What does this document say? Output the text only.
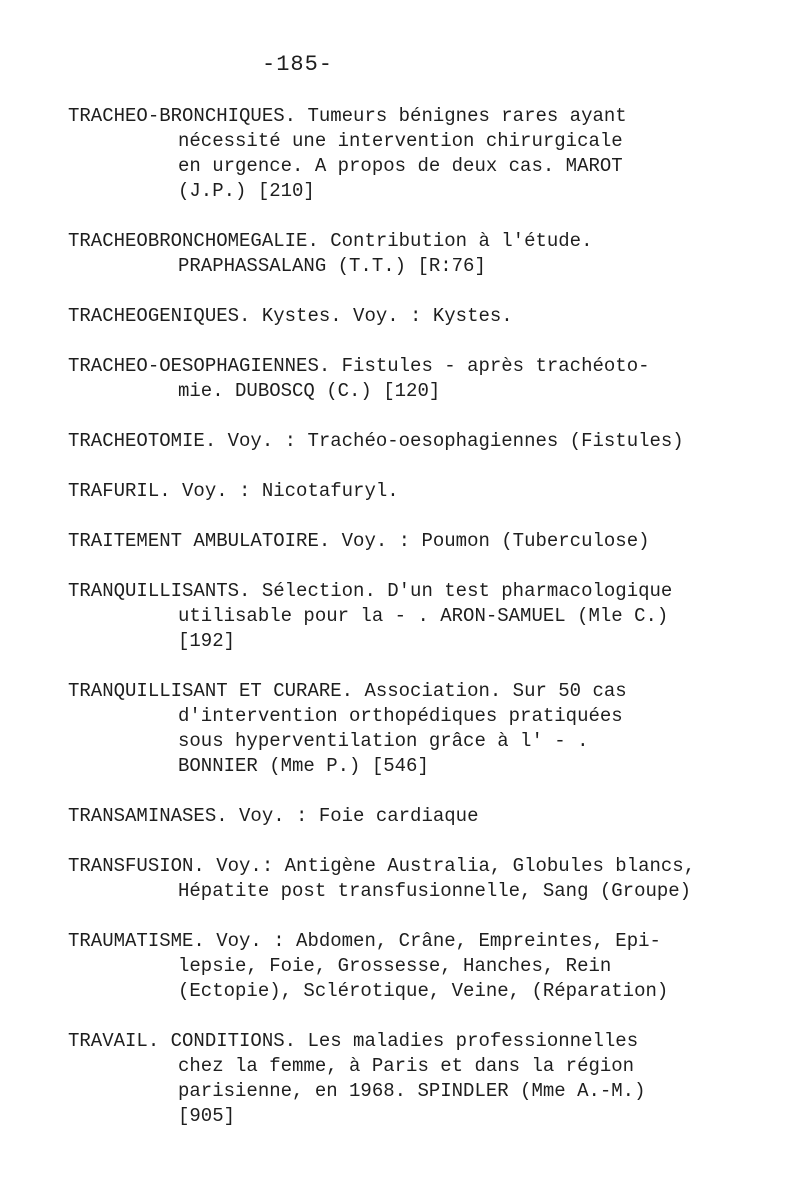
-185-
TRACHEO-BRONCHIQUES. Tumeurs bénignes rares ayant
nécessité une intervention chirurgicale
en urgence. A propos de deux cas. MAROT
(J.P.) [210]
TRACHEOBRONCHOMEGALIE. Contribution à l'étude.
PRAPHASSALANG (T.T.) [R:76]
TRACHEOGENIQUES. Kystes. Voy. : Kystes.
TRACHEO-OESOPHAGIENNES. Fistules - après trachéoto-
mie. DUBOSCQ (C.) [120]
TRACHEOTOMIE. Voy. : Trachéo-oesophagiennes (Fistules)
TRAFURIL. Voy. : Nicotafuryl.
TRAITEMENT AMBULATOIRE. Voy. : Poumon (Tuberculose)
TRANQUILLISANTS. Sélection. D'un test pharmacologique
utilisable pour la - . ARON-SAMUEL (Mle C.)
[192]
TRANQUILLISANT ET CURARE. Association. Sur 50 cas
d'intervention orthopédiques pratiquées
sous hyperventilation grâce à l' - .
BONNIER (Mme P.) [546]
TRANSAMINASES. Voy. : Foie cardiaque
TRANSFUSION. Voy.: Antigène Australia, Globules blancs,
Hépatite post transfusionnelle, Sang (Groupe)
TRAUMATISME. Voy. : Abdomen, Crâne, Empreintes, Epi-
lepsie, Foie, Grossesse, Hanches, Rein
(Ectopie), Sclérotique, Veine, (Réparation)
TRAVAIL. CONDITIONS. Les maladies professionnelles
chez la femme, à Paris et dans la région
parisienne, en 1968. SPINDLER (Mme A.-M.)
[905]
